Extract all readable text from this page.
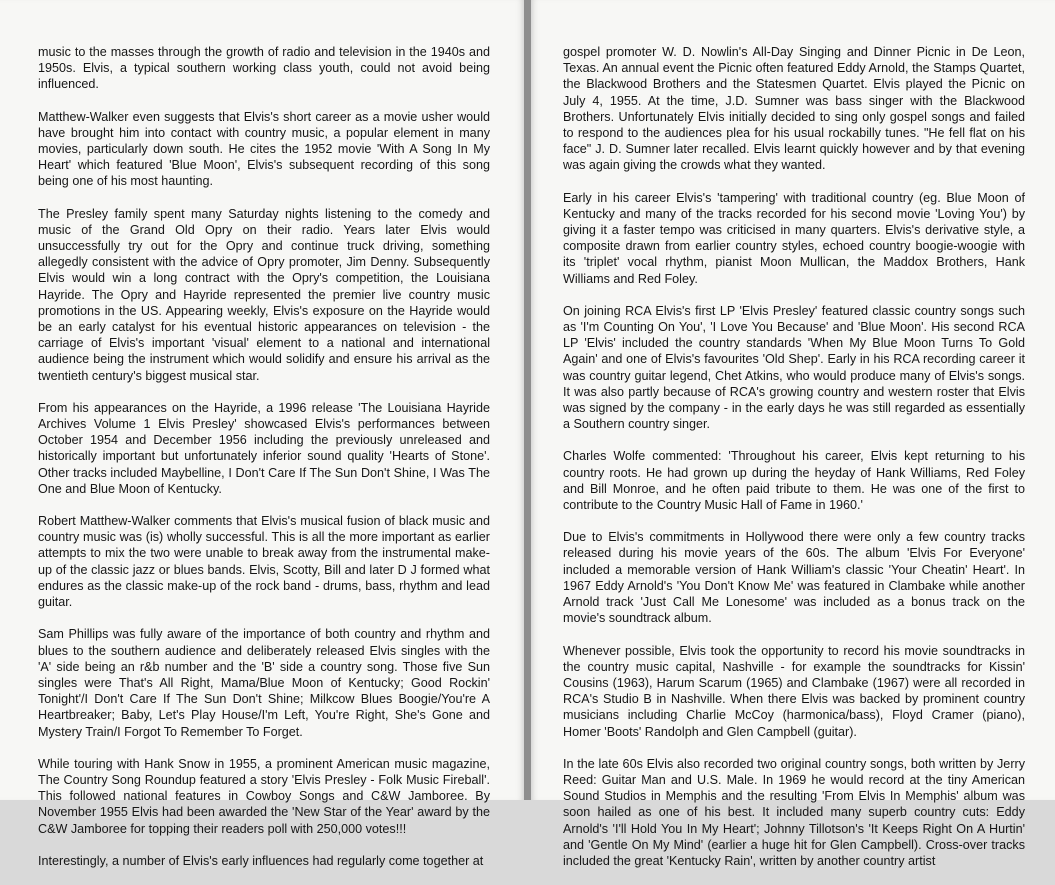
music to the masses through the growth of radio and television in the 1940s and 1950s. Elvis, a typical southern working class youth, could not avoid being influenced.

Matthew-Walker even suggests that Elvis's short career as a movie usher would have brought him into contact with country music, a popular element in many movies, particularly down south. He cites the 1952 movie 'With A Song In My Heart' which featured 'Blue Moon', Elvis's subsequent recording of this song being one of his most haunting.

The Presley family spent many Saturday nights listening to the comedy and music of the Grand Old Opry on their radio. Years later Elvis would unsuccessfully try out for the Opry and continue truck driving, something allegedly consistent with the advice of Opry promoter, Jim Denny. Subsequently Elvis would win a long contract with the Opry's competition, the Louisiana Hayride. The Opry and Hayride represented the premier live country music promotions in the US. Appearing weekly, Elvis's exposure on the Hayride would be an early catalyst for his eventual historic appearances on television - the carriage of Elvis's important 'visual' element to a national and international audience being the instrument which would solidify and ensure his arrival as the twentieth century's biggest musical star.

From his appearances on the Hayride, a 1996 release 'The Louisiana Hayride Archives Volume 1 Elvis Presley' showcased Elvis's performances between October 1954 and December 1956 including the previously unreleased and historically important but unfortunately inferior sound quality 'Hearts of Stone'. Other tracks included Maybelline, I Don't Care If The Sun Don't Shine, I Was The One and Blue Moon of Kentucky.

Robert Matthew-Walker comments that Elvis's musical fusion of black music and country music was (is) wholly successful. This is all the more important as earlier attempts to mix the two were unable to break away from the instrumental make-up of the classic jazz or blues bands. Elvis, Scotty, Bill and later D J formed what endures as the classic make-up of the rock band - drums, bass, rhythm and lead guitar.

Sam Phillips was fully aware of the importance of both country and rhythm and blues to the southern audience and deliberately released Elvis singles with the 'A' side being an r&b number and the 'B' side a country song. Those five Sun singles were That's All Right, Mama/Blue Moon of Kentucky; Good Rockin' Tonight'/I Don't Care If The Sun Don't Shine; Milkcow Blues Boogie/You're A Heartbreaker; Baby, Let's Play House/I'm Left, You're Right, She's Gone and Mystery Train/I Forgot To Remember To Forget.

While touring with Hank Snow in 1955, a prominent American music magazine, The Country Song Roundup featured a story 'Elvis Presley - Folk Music Fireball'. This followed national features in Cowboy Songs and C&W Jamboree. By November 1955 Elvis had been awarded the 'New Star of the Year' award by the C&W Jamboree for topping their readers poll with 250,000 votes!!!

Interestingly, a number of Elvis's early influences had regularly come together at

gospel promoter W. D. Nowlin's All-Day Singing and Dinner Picnic in De Leon, Texas. An annual event the Picnic often featured Eddy Arnold, the Stamps Quartet, the Blackwood Brothers and the Statesmen Quartet. Elvis played the Picnic on July 4, 1955. At the time, J.D. Sumner was bass singer with the Blackwood Brothers. Unfortunately Elvis initially decided to sing only gospel songs and failed to respond to the audiences plea for his usual rockabilly tunes. "He fell flat on his face" J. D. Sumner later recalled. Elvis learnt quickly however and by that evening was again giving the crowds what they wanted.

Early in his career Elvis's 'tampering' with traditional country (eg. Blue Moon of Kentucky and many of the tracks recorded for his second movie 'Loving You') by giving it a faster tempo was criticised in many quarters. Elvis's derivative style, a composite drawn from earlier country styles, echoed country boogie-woogie with its 'triplet' vocal rhythm, pianist Moon Mullican, the Maddox Brothers, Hank Williams and Red Foley.

On joining RCA Elvis's first LP 'Elvis Presley' featured classic country songs such as 'I'm Counting On You', 'I Love You Because' and 'Blue Moon'. His second RCA LP 'Elvis' included the country standards 'When My Blue Moon Turns To Gold Again' and one of Elvis's favourites 'Old Shep'. Early in his RCA recording career it was country guitar legend, Chet Atkins, who would produce many of Elvis's songs. It was also partly because of RCA's growing country and western roster that Elvis was signed by the company - in the early days he was still regarded as essentially a Southern country singer.

Charles Wolfe commented: 'Throughout his career, Elvis kept returning to his country roots. He had grown up during the heyday of Hank Williams, Red Foley and Bill Monroe, and he often paid tribute to them. He was one of the first to contribute to the Country Music Hall of Fame in 1960.'

Due to Elvis's commitments in Hollywood there were only a few country tracks released during his movie years of the 60s. The album 'Elvis For Everyone' included a memorable version of Hank William's classic 'Your Cheatin' Heart'. In 1967 Eddy Arnold's 'You Don't Know Me' was featured in Clambake while another Arnold track 'Just Call Me Lonesome' was included as a bonus track on the movie's soundtrack album.

Whenever possible, Elvis took the opportunity to record his movie soundtracks in the country music capital, Nashville - for example the soundtracks for Kissin' Cousins (1963), Harum Scarum (1965) and Clambake (1967) were all recorded in RCA's Studio B in Nashville. When there Elvis was backed by prominent country musicians including Charlie McCoy (harmonica/bass), Floyd Cramer (piano), Homer 'Boots' Randolph and Glen Campbell (guitar).

In the late 60s Elvis also recorded two original country songs, both written by Jerry Reed: Guitar Man and U.S. Male. In 1969 he would record at the tiny American Sound Studios in Memphis and the resulting 'From Elvis In Memphis' album was soon hailed as one of his best. It included many superb country cuts: Eddy Arnold's 'I'll Hold You In My Heart'; Johnny Tillotson's 'It Keeps Right On A Hurtin' and 'Gentle On My Mind' (earlier a huge hit for Glen Campbell). Cross-over tracks included the great 'Kentucky Rain', written by another country artist
